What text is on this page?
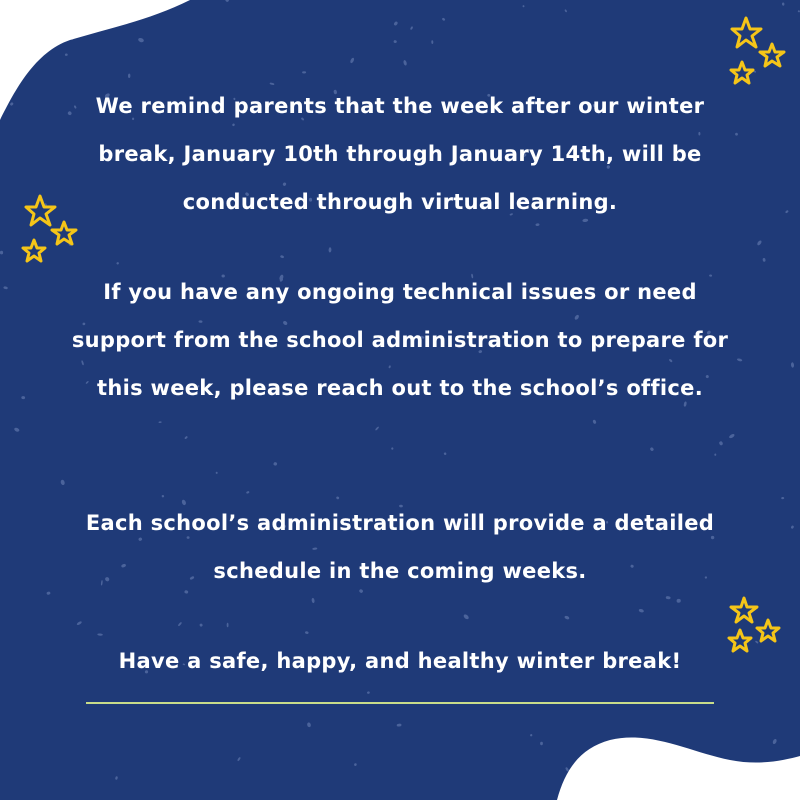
We remind parents that the week after our winter break, January 10th through January 14th, will be conducted through virtual learning.

If you have any ongoing technical issues or need support from the school administration to prepare for this week, please reach out to the school’s office.

Each school’s administration will provide a detailed schedule in the coming weeks.

Have a safe, happy, and healthy winter break!
